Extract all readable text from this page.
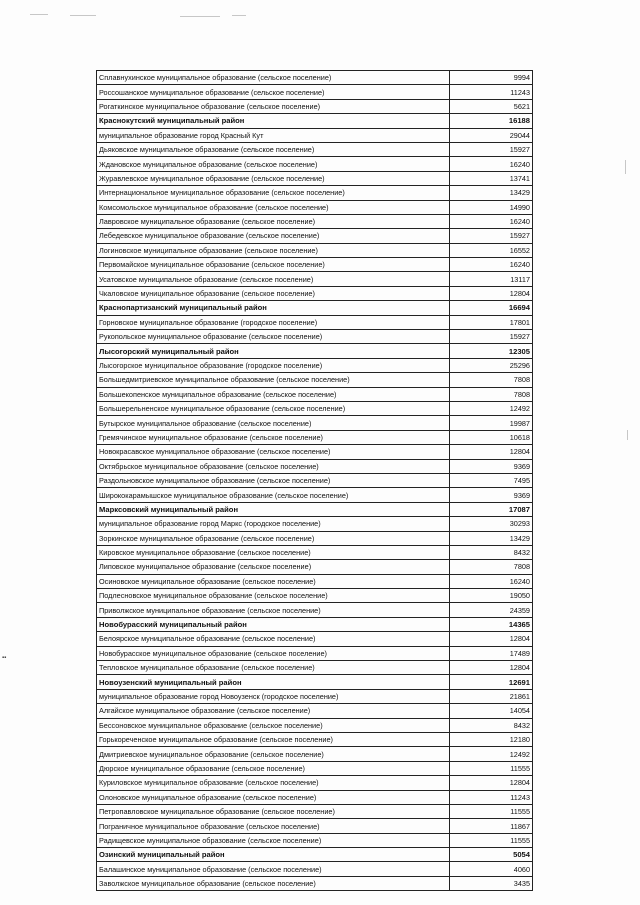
▪▪
Сплавнухинское муниципальное образование (сельское поселение)	9994
Россошанское муниципальное образование (сельское поселение)	11243
Рогаткинское муниципальное образование (сельское поселение)	5621
Краснокутский муниципальный район	16188
муниципальное образование город Красный Кут	29044
Дьяковское муниципальное образование (сельское поселение)	15927
Ждановское муниципальное образование (сельское поселение)	16240
Журавлевское муниципальное образование (сельское поселение)	13741
Интернациональное муниципальное образование (сельское поселение)	13429
Комсомольское муниципальное образование (сельское поселение)	14990
Лавровское муниципальное образование (сельское поселение)	16240
Лебедевское муниципальное образование (сельское поселение)	15927
Логиновское муниципальное образование (сельское поселение)	16552
Первомайское муниципальное образование (сельское поселение)	16240
Усатовское муниципальное образование (сельское поселение)	13117
Чкаловское муниципальное образование (сельское поселение)	12804
Краснопартизанский муниципальный район	16694
Горновское муниципальное образование (городское поселение)	17801
Рукопольское муниципальное образование (сельское поселение)	15927
Лысогорский муниципальный район	12305
Лысогорское муниципальное образование (городское поселение)	25296
Большедмитриевское муниципальное образование (сельское поселение)	7808
Большекопенское муниципальное образование (сельское поселение)	7808
Большерельненское муниципальное образование (сельское поселение)	12492
Бутырское муниципальное образование (сельское поселение)	19987
Гремячинское муниципальное образование (сельское поселение)	10618
Новокрасавское муниципальное образование (сельское поселение)	12804
Октябрьское муниципальное образование (сельское поселение)	9369
Раздольновское муниципальное образование (сельское поселение)	7495
Ширококарамышское муниципальное образование (сельское поселение)	9369
Марксовский муниципальный район	17087
муниципальное образование город Маркс (городское поселение)	30293
Зоркинское муниципальное образование (сельское поселение)	13429
Кировское муниципальное образование (сельское поселение)	8432
Липовское муниципальное образование (сельское поселение)	7808
Осиновское муниципальное образование (сельское поселение)	16240
Подлесновское муниципальное образование (сельское поселение)	19050
Приволжское муниципальное образование (сельское поселение)	24359
Новобурасский муниципальный район	14365
Белоярское муниципальное образование (сельское поселение)	12804
Новобурасское муниципальное образование (сельское поселение)	17489
Тепловское муниципальное образование (сельское поселение)	12804
Новоузенский муниципальный район	12691
муниципальное образование город Новоузенск (городское поселение)	21861
Алгайское муниципальное образование (сельское поселение)	14054
Бессоновское муниципальное образование (сельское поселение)	8432
Горькореченское муниципальное образование (сельское поселение)	12180
Дмитриевское муниципальное образование (сельское поселение)	12492
Дюрское муниципальное образование (сельское поселение)	11555
Куриловское муниципальное образование (сельское поселение)	12804
Олоновское муниципальное образование (сельское поселение)	11243
Петропавловское муниципальное образование (сельское поселение)	11555
Пограничное муниципальное образование (сельское поселение)	11867
Радищевское муниципальное образование (сельское поселение)	11555
Озинский муниципальный район	5054
Балашинское муниципальное образование (сельское поселение)	4060
Заволжское муниципальное образование (сельское поселение)	3435
